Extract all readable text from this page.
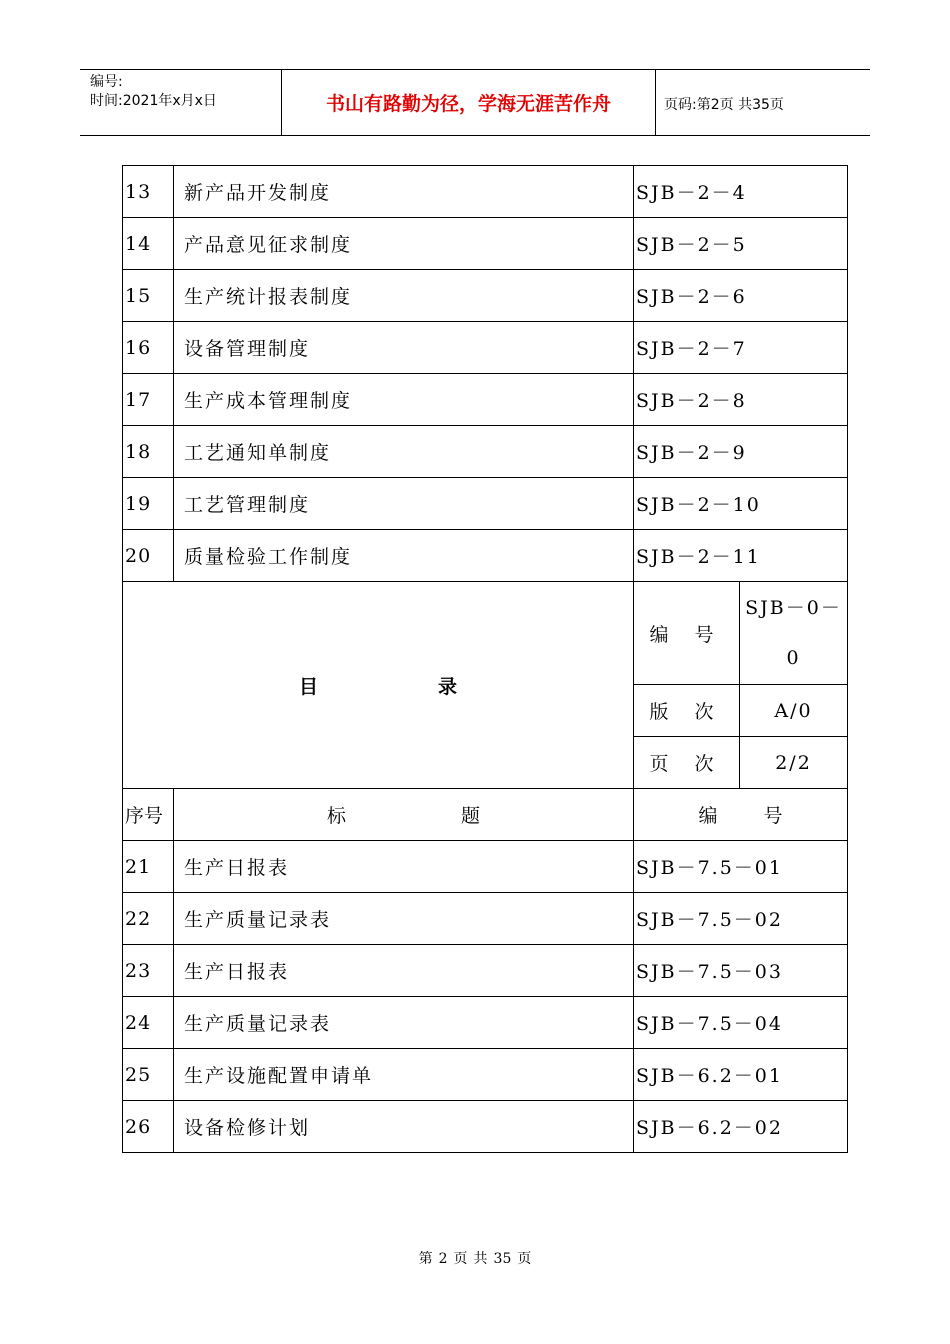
编号:
时间:2021年x月x日	书山有路勤为径，学海无涯苦作舟	页码:第2页 共35页
13	新产品开发制度	SJB－2－4	
14	产品意见征求制度	SJB－2－5	
15	生产统计报表制度	SJB－2－6	
16	设备管理制度	SJB－2－7	
17	生产成本管理制度	SJB－2－8	
18	工艺通知单制度	SJB－2－9	
19	工艺管理制度	SJB－2－10	
20	质量检验工作制度	SJB－2－11	
目 录		编 号	SJB－0－0
		版 次	A/0
		页 次	2/2
序号	标 题	编 号	
21	生产日报表	SJB－7.5－01	
22	生产质量记录表	SJB－7.5－02	
23	生产日报表	SJB－7.5－03	
24	生产质量记录表	SJB－7.5－04	
25	生产设施配置申请单	SJB－6.2－01	
26	设备检修计划	SJB－6.2－02	
第 2 页 共 35 页
